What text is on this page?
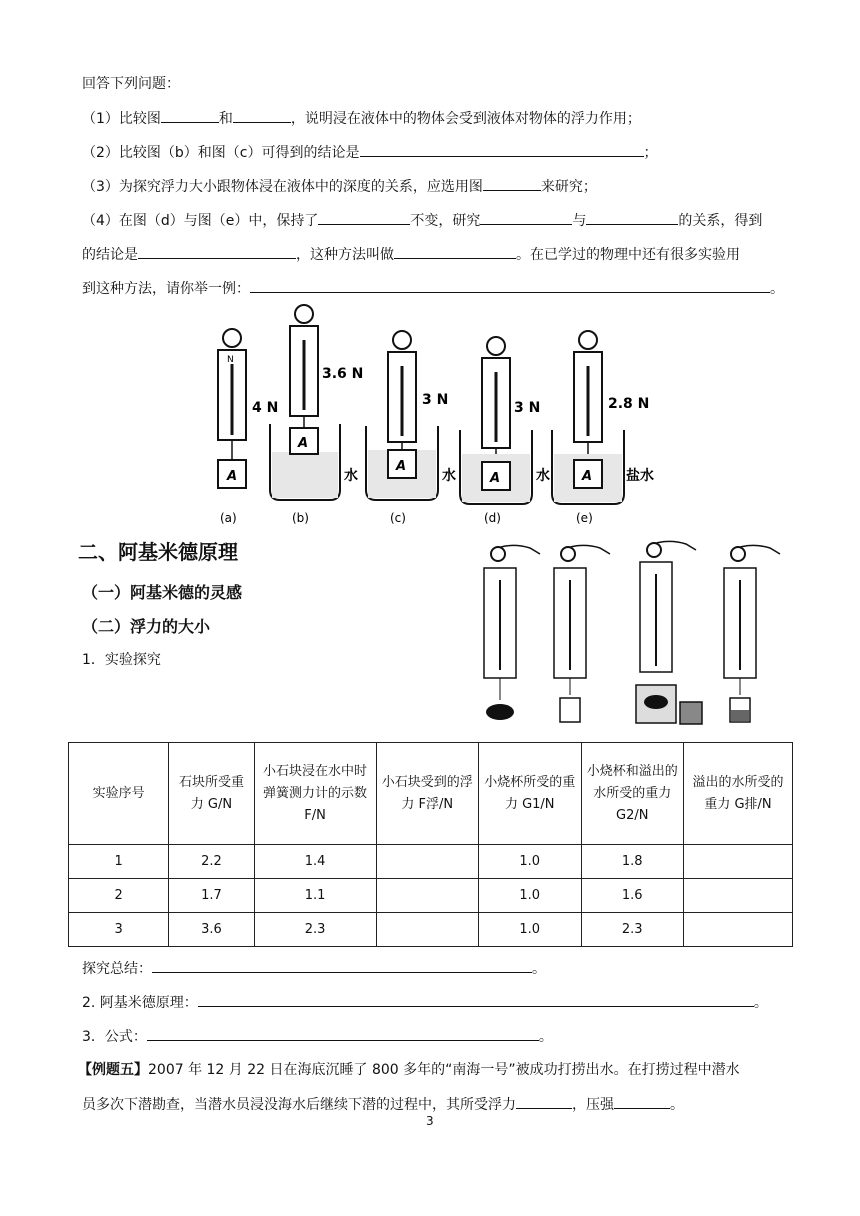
回答下列问题：
（1）比较图	和	，说明浸在液体中的物体会受到液体对物体的浮力作用；
（2）比较图（b）和图（c）可得到的结论是	；
（3）为探究浮力大小跟物体浸在液体中的深度的关系，应选用图	来研究；
（4）在图（d）与图（e）中，保持了	不变，研究	与	的关系，得到
的结论是	，这种方法叫做	。在已学过的物理中还有很多实验用
到这种方法，请你举一例：	。
N
A
4 N
(a)
A
3.6 N
水
(b)
A
3 N
水
(c)
A
3 N
水
(d)
A
2.8 N
盐水
(e)
二、阿基米德原理
（一）阿基米德的灵感
（二）浮力的大小
1．实验探究
实验序号	石块所受重力 G/N	小石块浸在水中时弹簧测力计的示数 F/N	小石块受到的浮力 F浮/N	小烧杯所受的重力 G1/N	小烧杯和溢出的水所受的重力 G2/N	溢出的水所受的重力 G排/N
1	2.2	1.4		1.0	1.8	
2	1.7	1.1		1.0	1.6	
3	3.6	2.3		1.0	2.3	
探究总结：	。
2. 阿基米德原理：	。
3．公式：	。
【例题五】2007 年 12 月 22 日在海底沉睡了 800 多年的“南海一号”被成功打捞出水。在打捞过程中潜水
员多次下潜勘查，当潜水员浸没海水后继续下潜的过程中，其所受浮力	，压强	。
3
